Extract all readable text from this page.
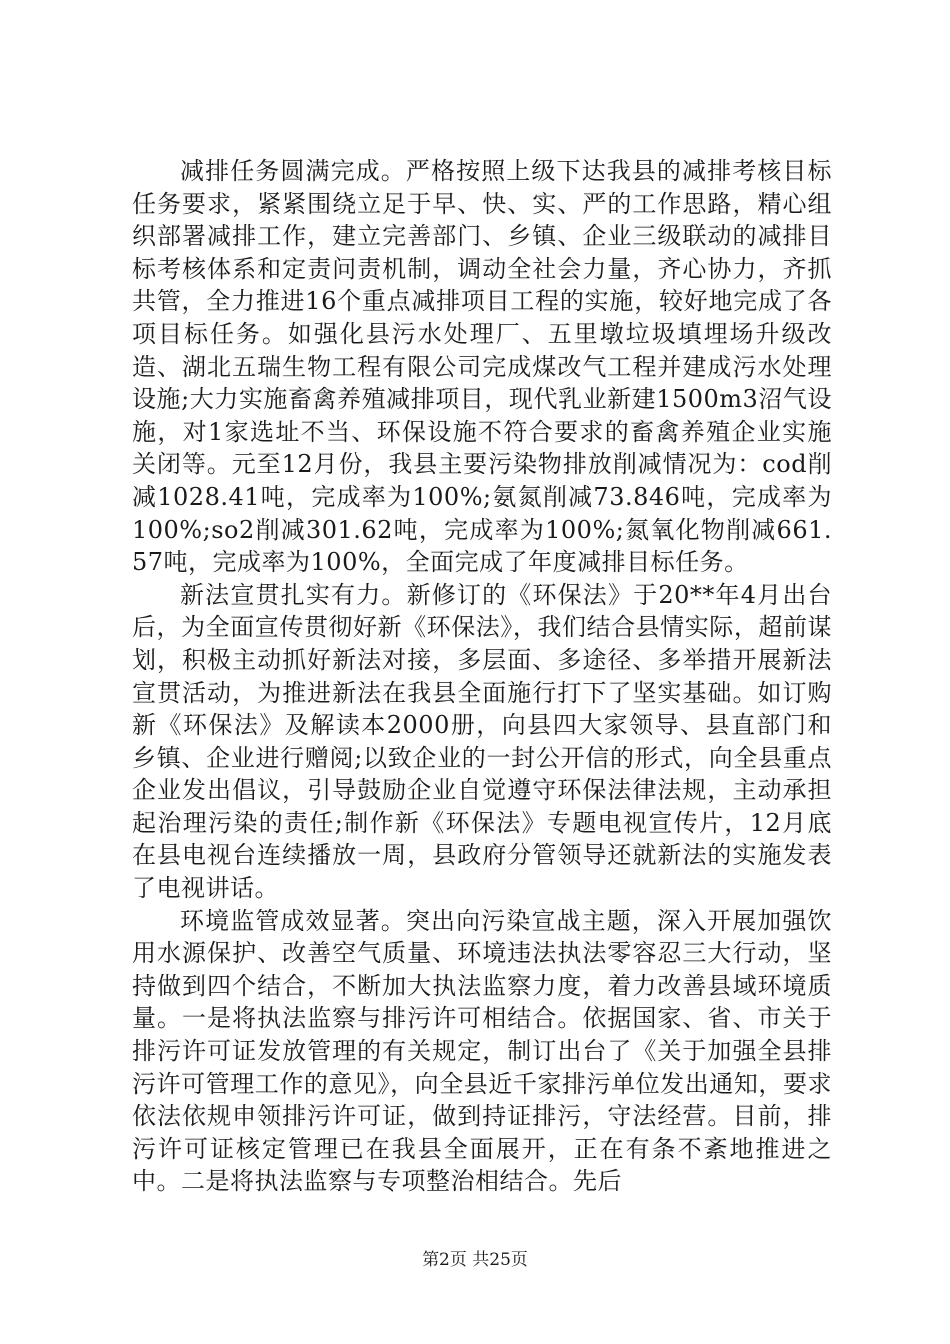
减排任务圆满完成。严格按照上级下达我县的减排考核目标任务要求，紧紧围绕立足于早、快、实、严的工作思路，精心组织部署减排工作，建立完善部门、乡镇、企业三级联动的减排目标考核体系和定责问责机制，调动全社会力量，齐心协力，齐抓共管，全力推进16个重点减排项目工程的实施，较好地完成了各项目标任务。如强化县污水处理厂、五里墩垃圾填埋场升级改造、湖北五瑞生物工程有限公司完成煤改气工程并建成污水处理设施;大力实施畜禽养殖减排项目，现代乳业新建1500m3沼气设施，对1家选址不当、环保设施不符合要求的畜禽养殖企业实施关闭等。元至12月份，我县主要污染物排放削减情况为：cod削减1028.41吨，完成率为100%;氨氮削减73.846吨，完成率为100%;so2削减301.62吨，完成率为100%;氮氧化物削减661.57吨，完成率为100%，全面完成了年度减排目标任务。

新法宣贯扎实有力。新修订的《环保法》于20**年4月出台后，为全面宣传贯彻好新《环保法》，我们结合县情实际，超前谋划，积极主动抓好新法对接，多层面、多途径、多举措开展新法宣贯活动，为推进新法在我县全面施行打下了坚实基础。如订购新《环保法》及解读本2000册，向县四大家领导、县直部门和乡镇、企业进行赠阅;以致企业的一封公开信的形式，向全县重点企业发出倡议，引导鼓励企业自觉遵守环保法律法规，主动承担起治理污染的责任;制作新《环保法》专题电视宣传片，12月底在县电视台连续播放一周，县政府分管领导还就新法的实施发表了电视讲话。

环境监管成效显著。突出向污染宣战主题，深入开展加强饮用水源保护、改善空气质量、环境违法执法零容忍三大行动，坚持做到四个结合，不断加大执法监察力度，着力改善县域环境质量。一是将执法监察与排污许可相结合。依据国家、省、市关于排污许可证发放管理的有关规定，制订出台了《关于加强全县排污许可管理工作的意见》，向全县近千家排污单位发出通知，要求依法依规申领排污许可证，做到持证排污，守法经营。目前，排污许可证核定管理已在我县全面展开，正在有条不紊地推进之中。二是将执法监察与专项整治相结合。先后

第2页 共25页
